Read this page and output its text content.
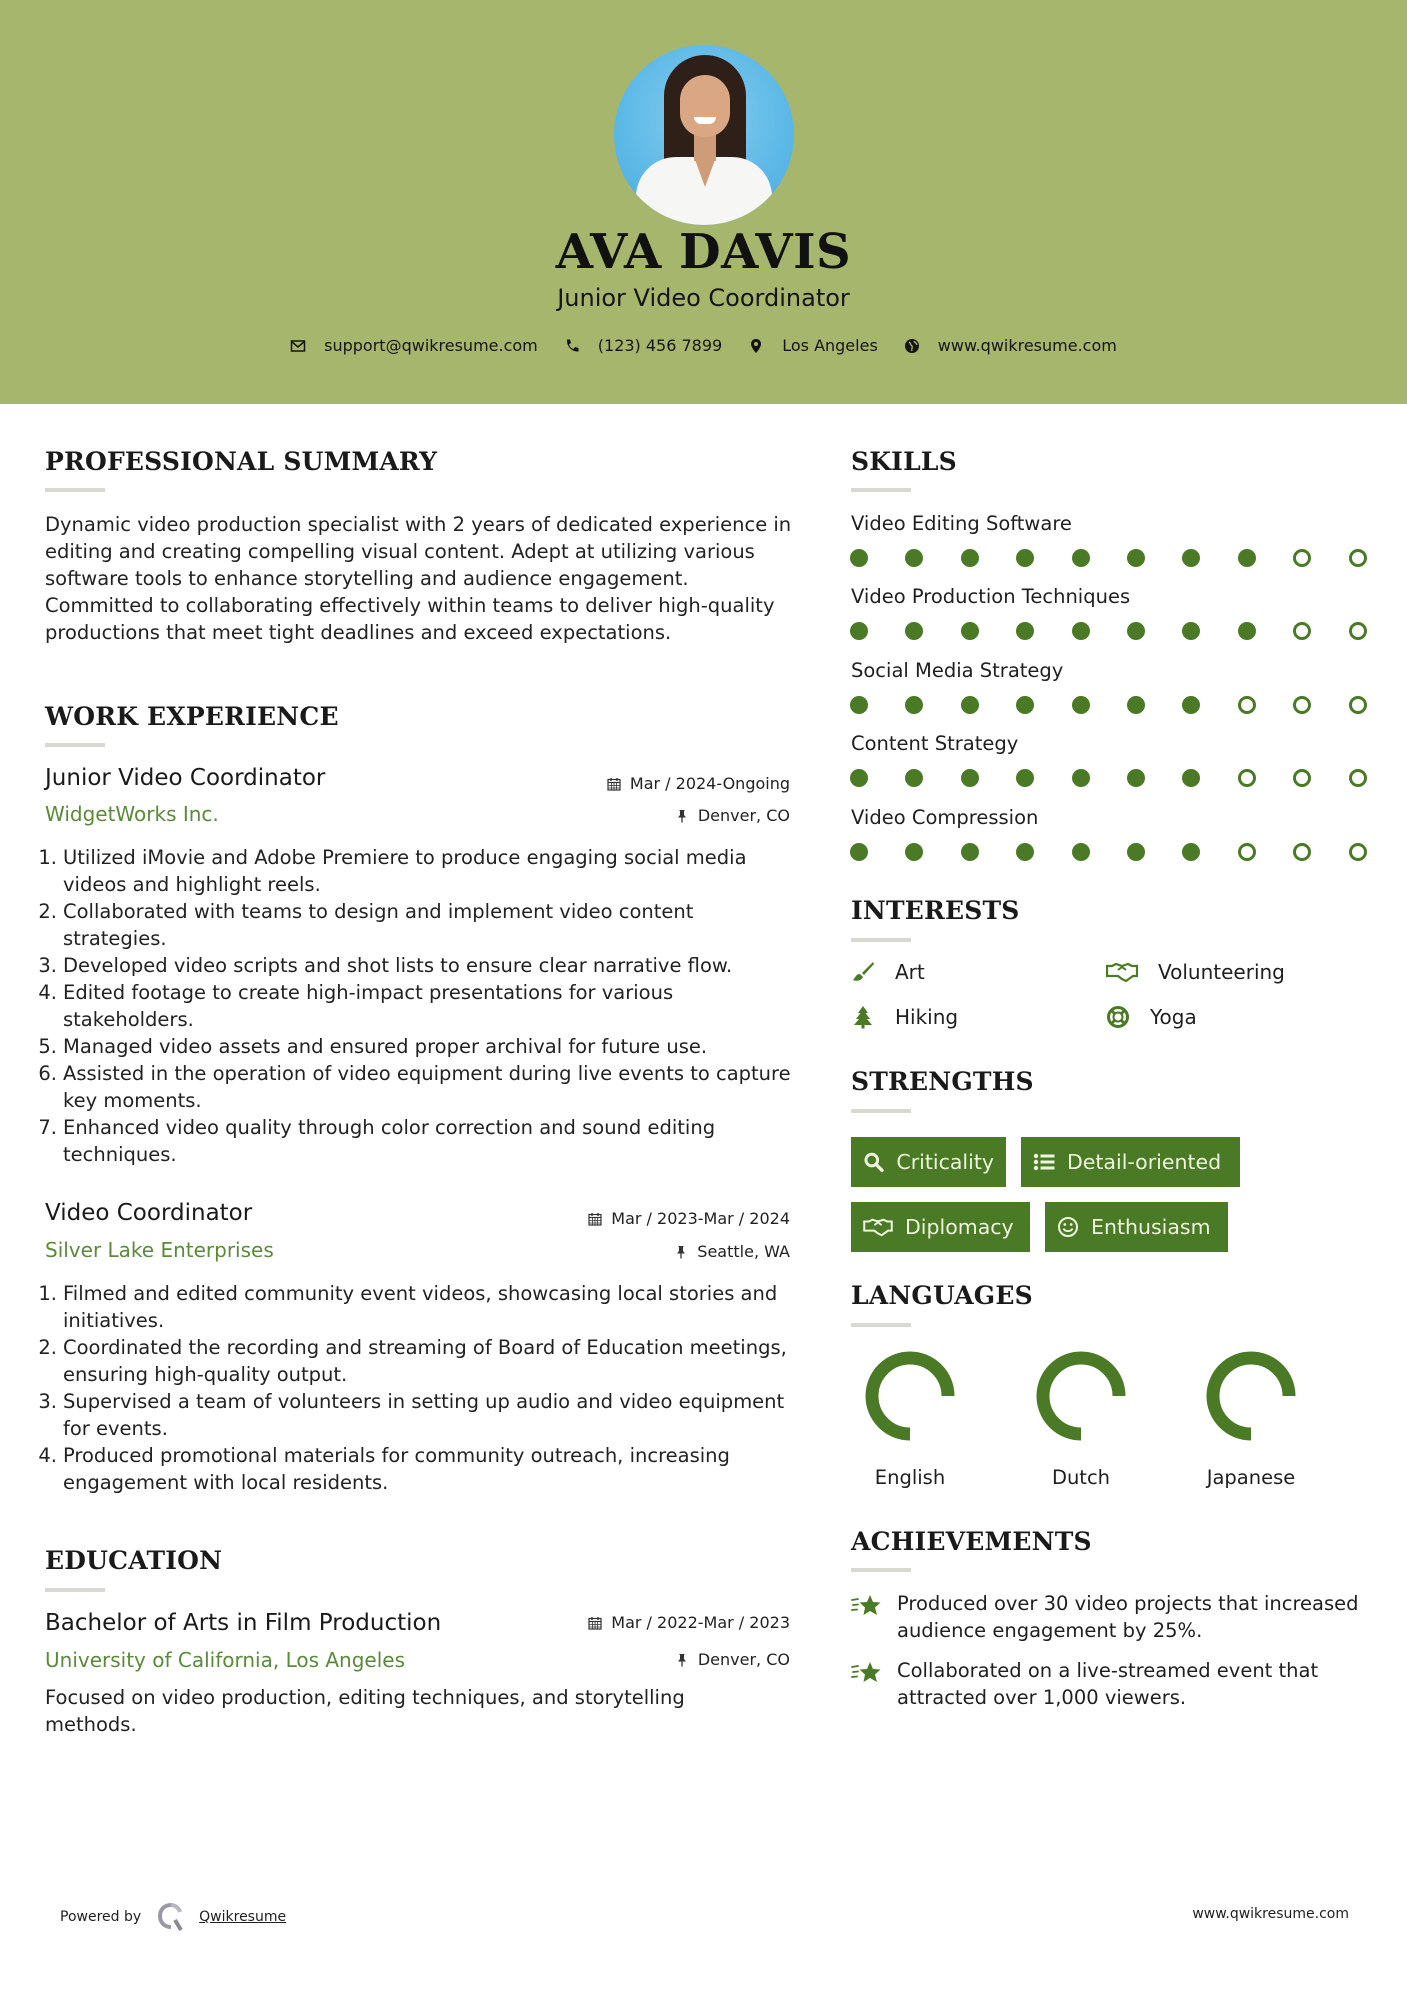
AVA DAVIS
Junior Video Coordinator
support@qwikresume.com	(123) 456 7899	Los Angeles	www.qwikresume.com
PROFESSIONAL SUMMARY
Dynamic video production specialist with 2 years of dedicated experience in editing and creating compelling visual content. Adept at utilizing various software tools to enhance storytelling and audience engagement. Committed to collaborating effectively within teams to deliver high-quality productions that meet tight deadlines and exceed expectations.
WORK EXPERIENCE
Junior Video Coordinator	Mar / 2024-Ongoing
WidgetWorks Inc.	Denver, CO
1. Utilized iMovie and Adobe Premiere to produce engaging social media videos and highlight reels.
2. Collaborated with teams to design and implement video content strategies.
3. Developed video scripts and shot lists to ensure clear narrative flow.
4. Edited footage to create high-impact presentations for various stakeholders.
5. Managed video assets and ensured proper archival for future use.
6. Assisted in the operation of video equipment during live events to capture key moments.
7. Enhanced video quality through color correction and sound editing techniques.
Video Coordinator	Mar / 2023-Mar / 2024
Silver Lake Enterprises	Seattle, WA
1. Filmed and edited community event videos, showcasing local stories and initiatives.
2. Coordinated the recording and streaming of Board of Education meetings, ensuring high-quality output.
3. Supervised a team of volunteers in setting up audio and video equipment for events.
4. Produced promotional materials for community outreach, increasing engagement with local residents.
EDUCATION
Bachelor of Arts in Film Production	Mar / 2022-Mar / 2023
University of California, Los Angeles	Denver, CO
Focused on video production, editing techniques, and storytelling methods.
SKILLS
Video Editing Software
Video Production Techniques
Social Media Strategy
Content Strategy
Video Compression
INTERESTS
Art	Volunteering
Hiking	Yoga
STRENGTHS
Criticality	Detail-oriented
Diplomacy	Enthusiasm
LANGUAGES
English	Dutch	Japanese
ACHIEVEMENTS
Produced over 30 video projects that increased audience engagement by 25%.
Collaborated on a live-streamed event that attracted over 1,000 viewers.
Powered by	Qwikresume	www.qwikresume.com
